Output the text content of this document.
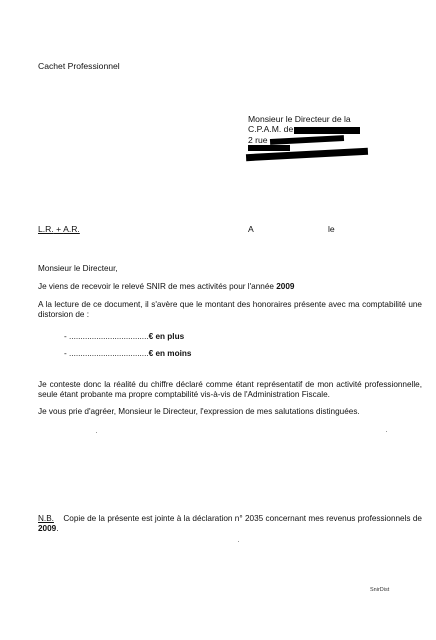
Cachet Professionnel
Monsieur le Directeur de la
C.P.A.M. de
2 rue
L.R. + A.R.	A	le
Monsieur le Directeur,
Je viens de recevoir le relevé SNIR de mes activités pour l'année 2009
A la lecture de ce document, il s'avère que le montant des honoraires présente avec ma comptabilité une distorsion de :
- ...................................€ en plus
- ...................................€ en moins
Je conteste donc la réalité du chiffre déclaré comme étant représentatif de mon activité professionnelle, seule étant probante ma propre comptabilité vis-à-vis de l'Administration Fiscale.
Je vous prie d'agréer, Monsieur le Directeur, l'expression de mes salutations distinguées.
N.B. Copie de la présente est jointe à la déclaration n° 2035 concernant mes revenus professionnels de 2009.
SnirDist
